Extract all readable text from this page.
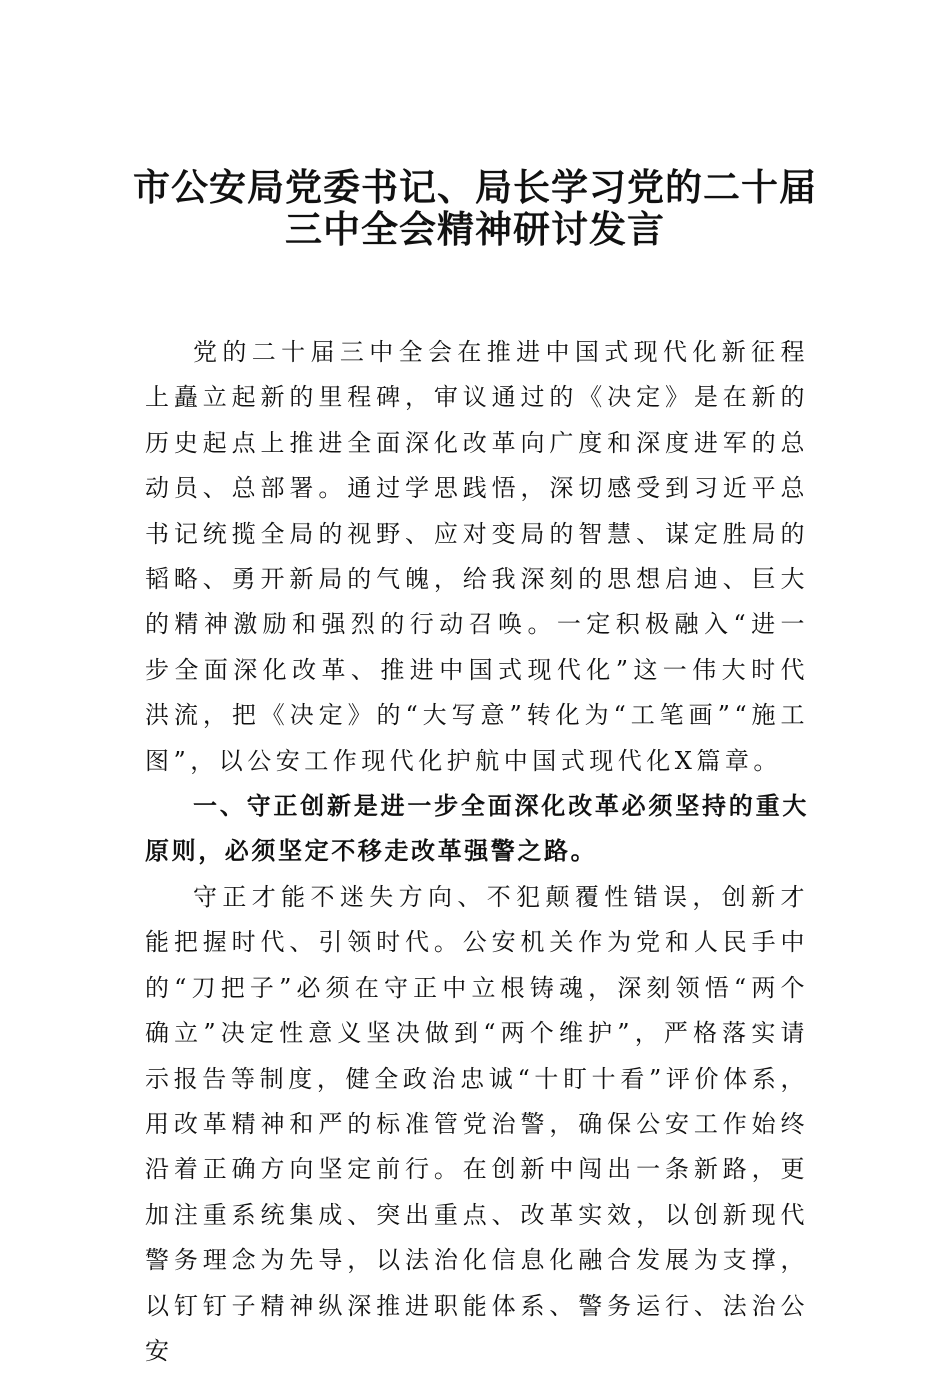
市公安局党委书记、局长学习党的二十届
三中全会精神研讨发言

党的二十届三中全会在推进中国式现代化新征程上矗立起新的里程碑，审议通过的《决定》是在新的历史起点上推进全面深化改革向广度和深度进军的总动员、总部署。通过学思践悟，深切感受到习近平总书记统揽全局的视野、应对变局的智慧、谋定胜局的韬略、勇开新局的气魄，给我深刻的思想启迪、巨大的精神激励和强烈的行动召唤。一定积极融入“进一步全面深化改革、推进中国式现代化”这一伟大时代洪流，把《决定》的“大写意”转化为“工笔画”“施工图”，以公安工作现代化护航中国式现代化X篇章。

一、守正创新是进一步全面深化改革必须坚持的重大原则，必须坚定不移走改革强警之路。

守正才能不迷失方向、不犯颠覆性错误，创新才能把握时代、引领时代。公安机关作为党和人民手中的“刀把子”必须在守正中立根铸魂，深刻领悟“两个确立”决定性意义坚决做到“两个维护”，严格落实请示报告等制度，健全政治忠诚“十盯十看”评价体系，用改革精神和严的标准管党治警，确保公安工作始终沿着正确方向坚定前行。在创新中闯出一条新路，更加注重系统集成、突出重点、改革实效，以创新现代警务理念为先导，以法治化信息化融合发展为支撑，以钉钉子精神纵深推进职能体系、警务运行、法治公安
